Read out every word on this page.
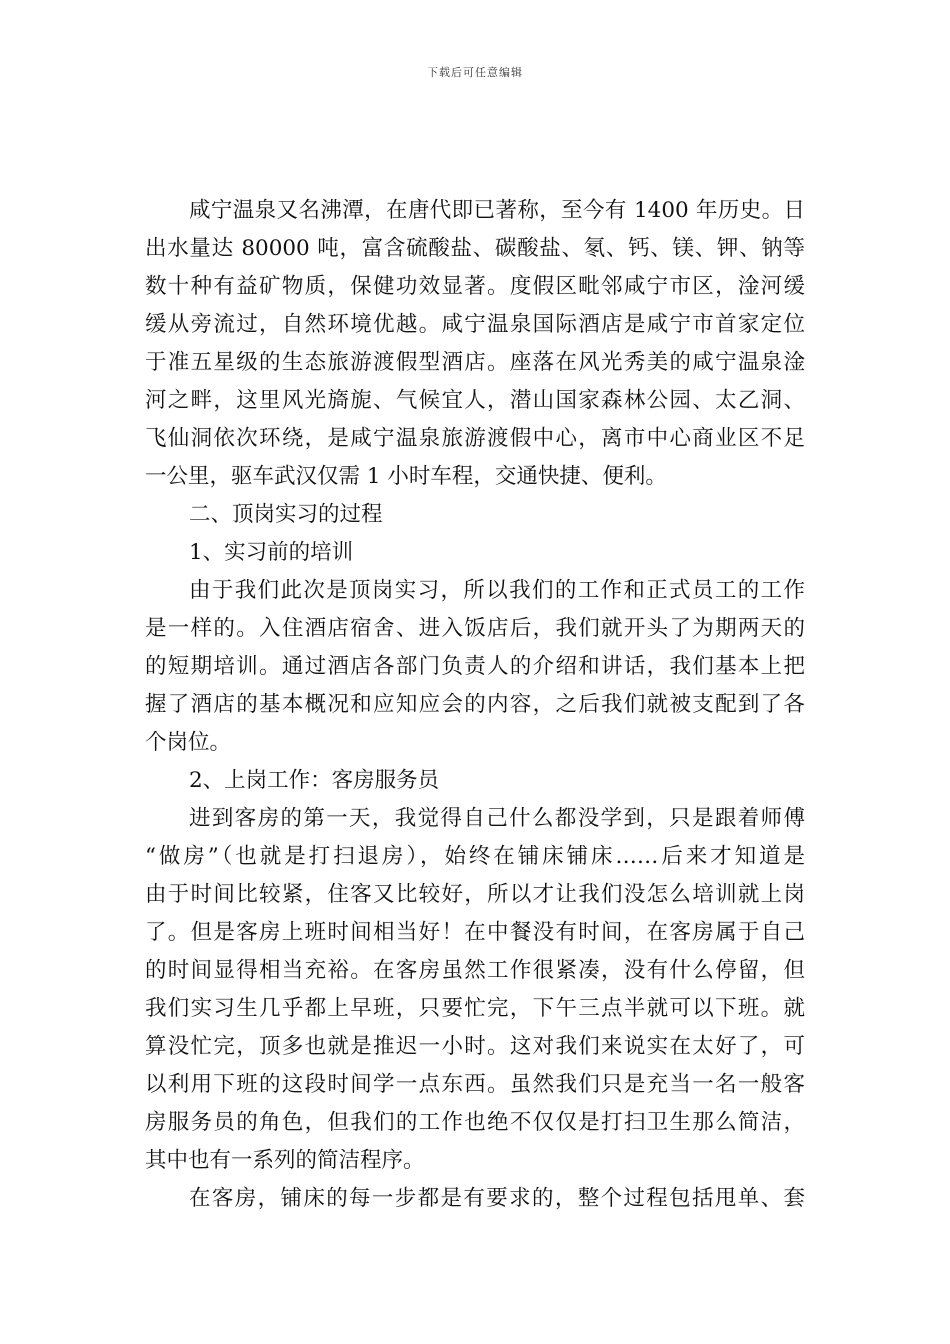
下载后可任意编辑
咸宁温泉又名沸潭，在唐代即已著称，至今有 1400 年历史。日
出水量达 80000 吨，富含硫酸盐、碳酸盐、氡、钙、镁、钾、钠等
数十种有益矿物质，保健功效显著。度假区毗邻咸宁市区，淦河缓
缓从旁流过，自然环境优越。咸宁温泉国际酒店是咸宁市首家定位
于准五星级的生态旅游渡假型酒店。座落在风光秀美的咸宁温泉淦
河之畔，这里风光旖旎、气候宜人，潜山国家森林公园、太乙洞、
飞仙洞依次环绕，是咸宁温泉旅游渡假中心，离市中心商业区不足
一公里，驱车武汉仅需 1 小时车程，交通快捷、便利。
二、顶岗实习的过程
1、实习前的培训
由于我们此次是顶岗实习，所以我们的工作和正式员工的工作
是一样的。入住酒店宿舍、进入饭店后，我们就开头了为期两天的
的短期培训。通过酒店各部门负责人的介绍和讲话，我们基本上把
握了酒店的基本概况和应知应会的内容，之后我们就被支配到了各
个岗位。
2、上岗工作：客房服务员
进到客房的第一天，我觉得自己什么都没学到，只是跟着师傅
“做房”（也就是打扫退房），始终在铺床铺床……后来才知道是
由于时间比较紧，住客又比较好，所以才让我们没怎么培训就上岗
了。但是客房上班时间相当好！在中餐没有时间，在客房属于自己
的时间显得相当充裕。在客房虽然工作很紧凑，没有什么停留，但
我们实习生几乎都上早班，只要忙完，下午三点半就可以下班。就
算没忙完，顶多也就是推迟一小时。这对我们来说实在太好了，可
以利用下班的这段时间学一点东西。虽然我们只是充当一名一般客
房服务员的角色，但我们的工作也绝不仅仅是打扫卫生那么简洁，
其中也有一系列的简洁程序。
在客房，铺床的每一步都是有要求的，整个过程包括甩单、套
